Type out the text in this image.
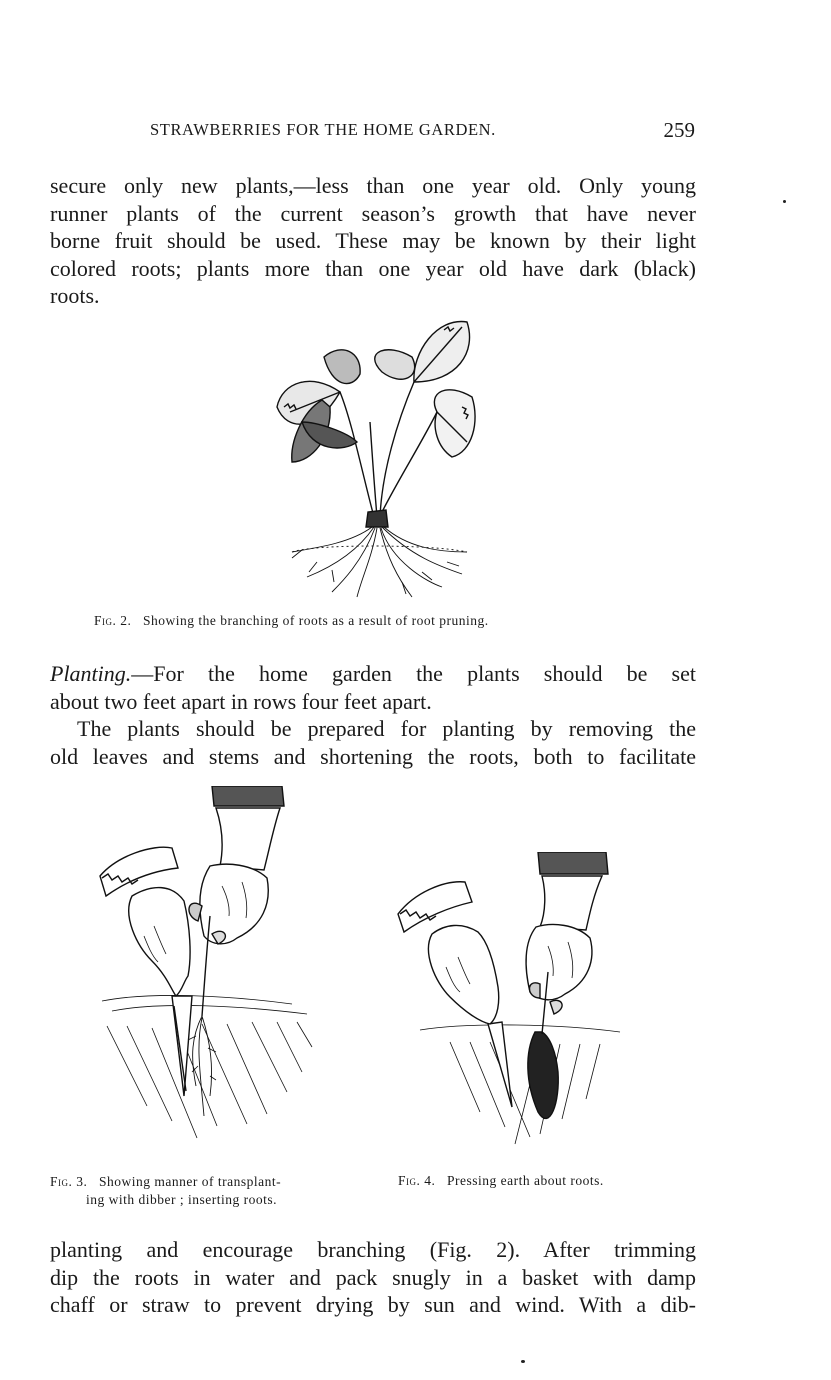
STRAWBERRIES FOR THE HOME GARDEN.	259
secure only new plants,—less than one year old. Only young
runner plants of the current season’s growth that have never
borne fruit should be used. These may be known by their light
colored roots; plants more than one year old have dark (black)
roots.
Fig. 2. Showing the branching of roots as a result of root pruning.
Planting.—For the home garden the plants should be set
about two feet apart in rows four feet apart.
The plants should be prepared for planting by removing the
old leaves and stems and shortening the roots, both to facilitate
Fig. 3. Showing manner of transplant-
ing with dibber ; inserting roots.
Fig. 4. Pressing earth about roots.
planting and encourage branching (Fig. 2). After trimming
dip the roots in water and pack snugly in a basket with damp
chaff or straw to prevent drying by sun and wind. With a dib-
